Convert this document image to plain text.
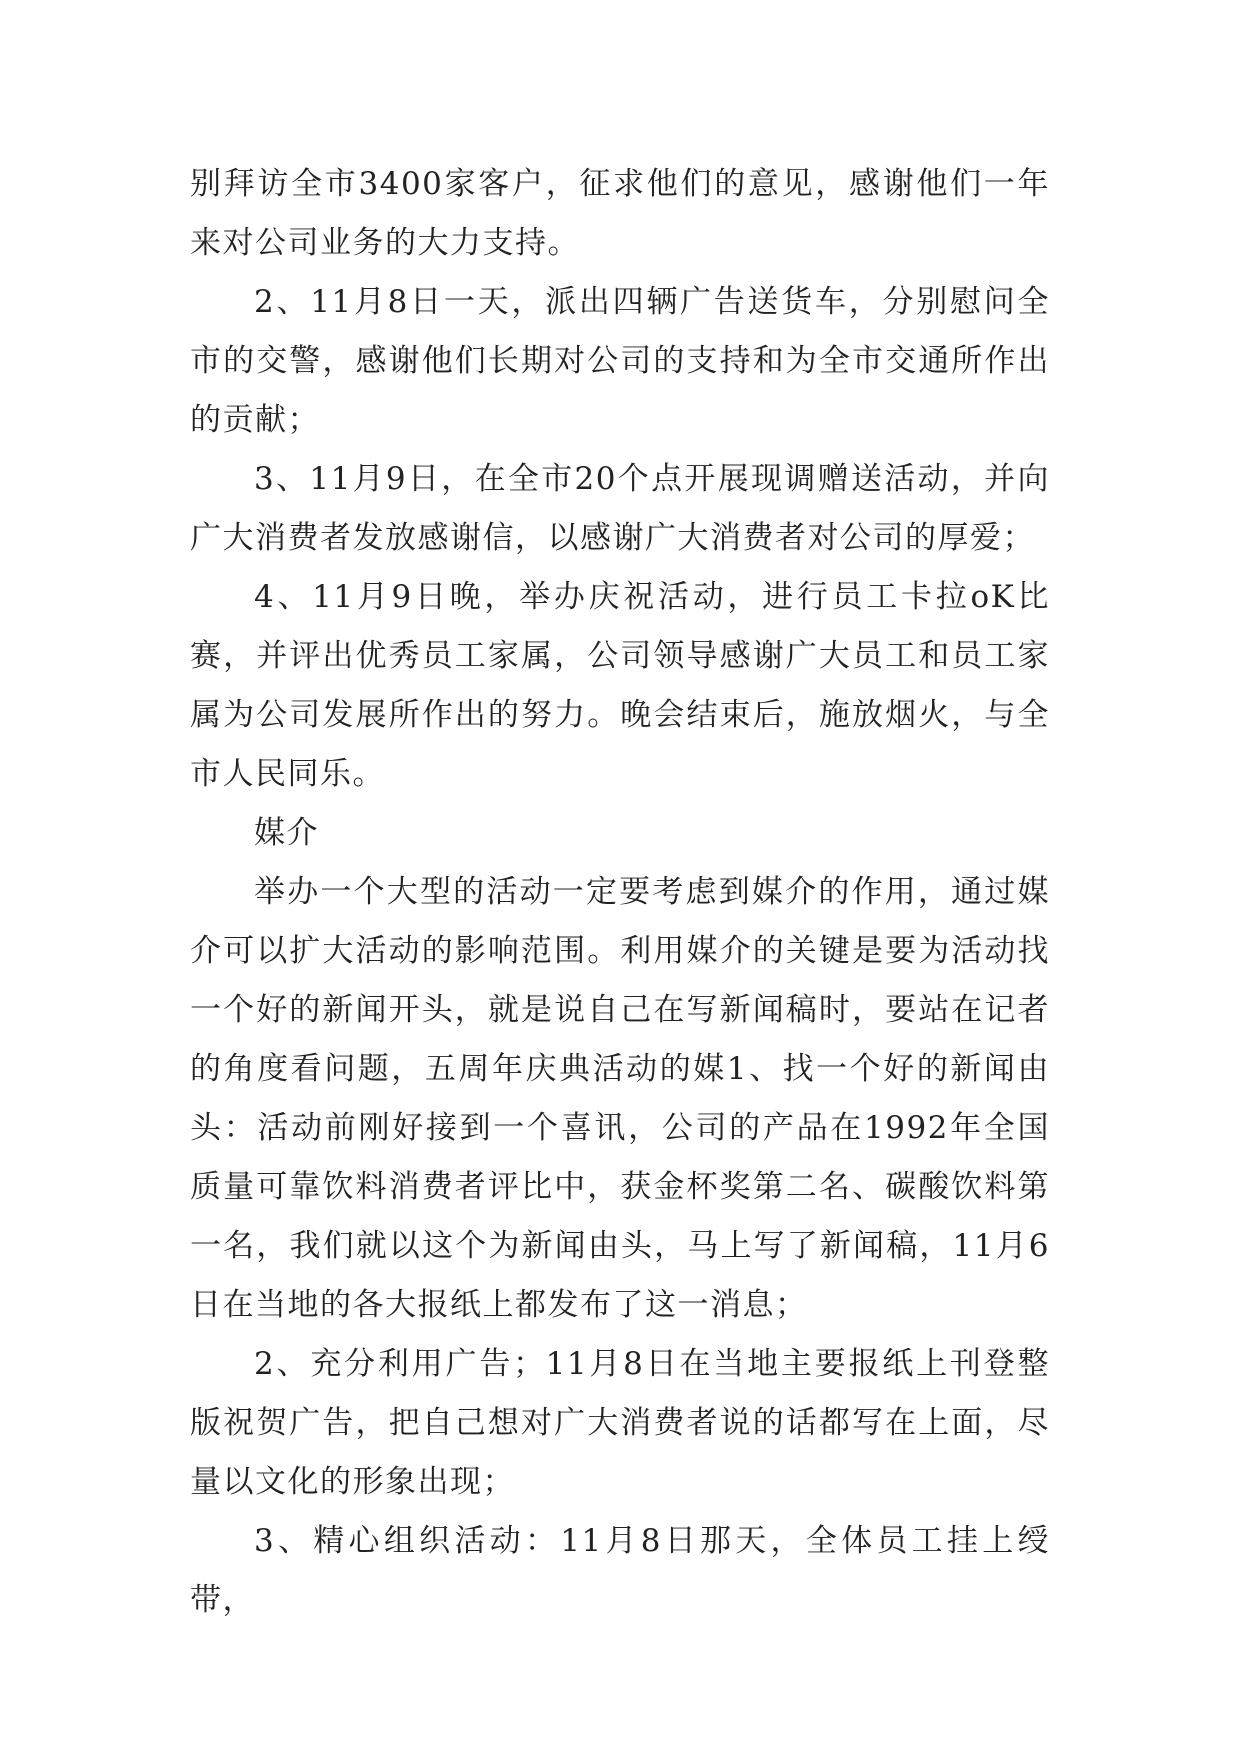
别拜访全市3400家客户，征求他们的意见，感谢他们一年来对公司业务的大力支持。

2、11月8日一天，派出四辆广告送货车，分别慰问全市的交警，感谢他们长期对公司的支持和为全市交通所作出的贡献；

3、11月9日，在全市20个点开展现调赠送活动，并向广大消费者发放感谢信，以感谢广大消费者对公司的厚爱；

4、11月9日晚，举办庆祝活动，进行员工卡拉oK比赛，并评出优秀员工家属，公司领导感谢广大员工和员工家属为公司发展所作出的努力。晚会结束后，施放烟火，与全市人民同乐。

媒介

举办一个大型的活动一定要考虑到媒介的作用，通过媒介可以扩大活动的影响范围。利用媒介的关键是要为活动找一个好的新闻开头，就是说自己在写新闻稿时，要站在记者的角度看问题，五周年庆典活动的媒1、找一个好的新闻由头：活动前刚好接到一个喜讯，公司的产品在1992年全国质量可靠饮料消费者评比中，获金杯奖第二名、碳酸饮料第一名，我们就以这个为新闻由头，马上写了新闻稿，11月6日在当地的各大报纸上都发布了这一消息；

2、充分利用广告；11月8日在当地主要报纸上刊登整版祝贺广告，把自己想对广大消费者说的话都写在上面，尽量以文化的形象出现；

3、精心组织活动：11月8日那天，全体员工挂上绶带，
